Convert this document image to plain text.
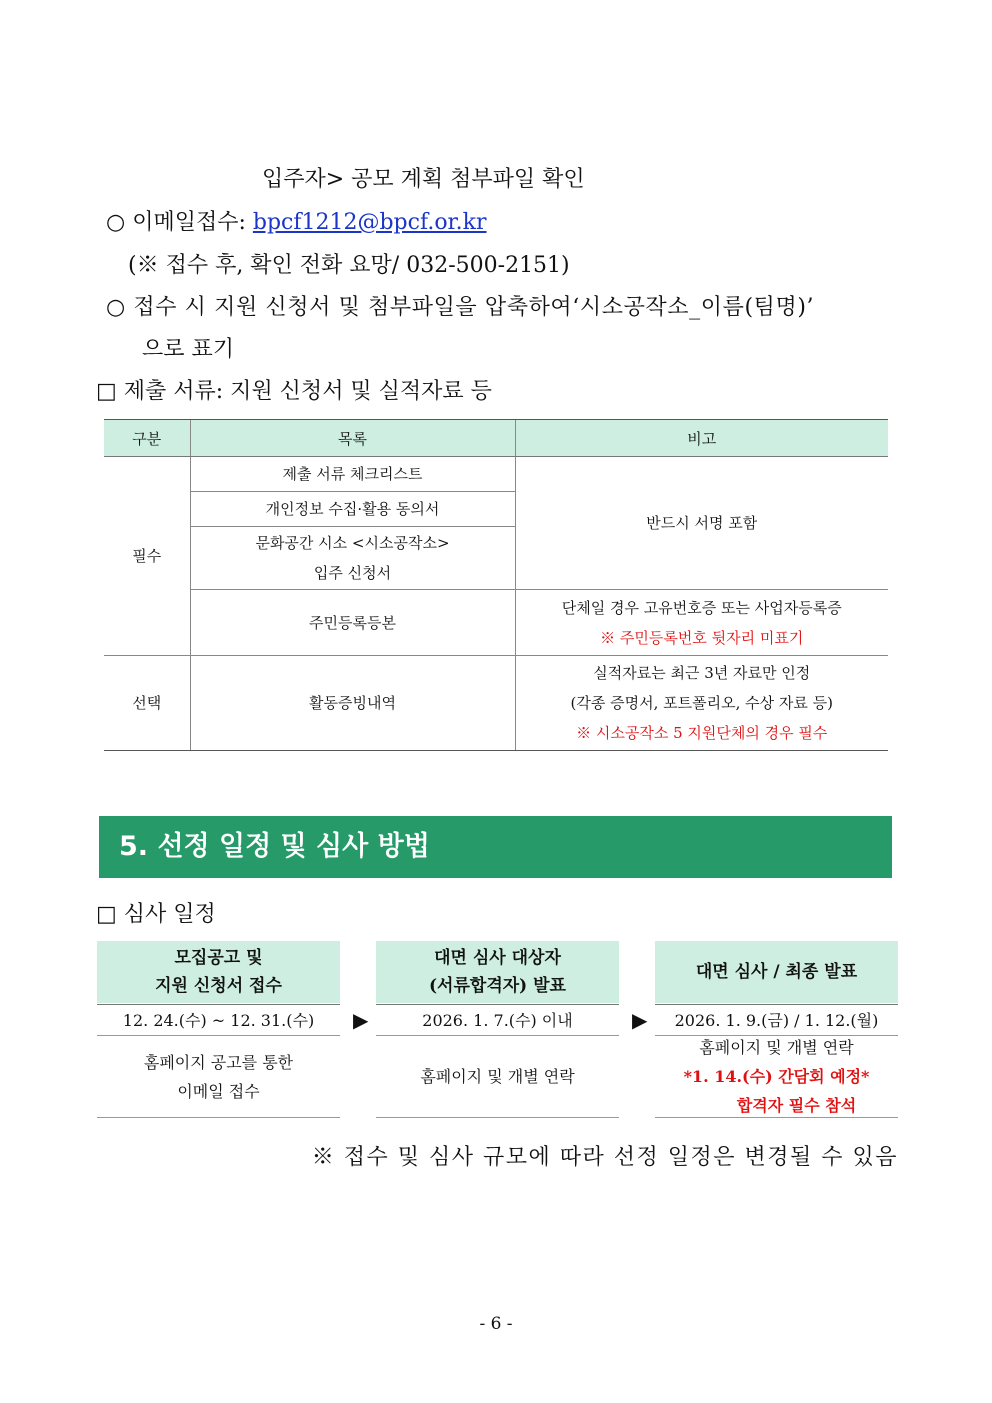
입주자> 공모 계획 첨부파일 확인
○ 이메일접수: bpcf1212@bpcf.or.kr
(※ 접수 후, 확인 전화 요망/ 032-500-2151)
○ 접수 시 지원 신청서 및 첨부파일을 압축하여‘시소공작소_이름(팀명)’
으로 표기
□ 제출 서류: 지원 신청서 및 실적자료 등
구분	목록	비고
필수	제출 서류 체크리스트	반드시 서명 포함
	개인정보 수집·활용 동의서	

	문화공간 시소 <시소공작소>
입주 신청서	

	주민등록등본	단체일 경우 고유번호증 또는 사업자등록증
※ 주민등록번호 뒷자리 미표기

선택	활동증빙내역	실적자료는 최근 3년 자료만 인정
(각종 증명서, 포트폴리오, 수상 자료 등)
※ 시소공작소 5 지원단체의 경우 필수
5. 선정 일정 및 심사 방법
□ 심사 일정
모집공고 및
지원 신청서 접수
12. 24.(수) ~ 12. 31.(수)
홈페이지 공고를 통한
이메일 접수
▶
대면 심사 대상자
(서류합격자) 발표
2026. 1. 7.(수) 이내
홈페이지 및 개별 연락
▶
대면 심사 / 최종 발표
2026. 1. 9.(금) / 1. 12.(월)
홈페이지 및 개별 연락
*1. 14.(수) 간담회 예정*
합격자 필수 참석
※ 접수 및 심사 규모에 따라 선정 일정은 변경될 수 있음
- 6 -
